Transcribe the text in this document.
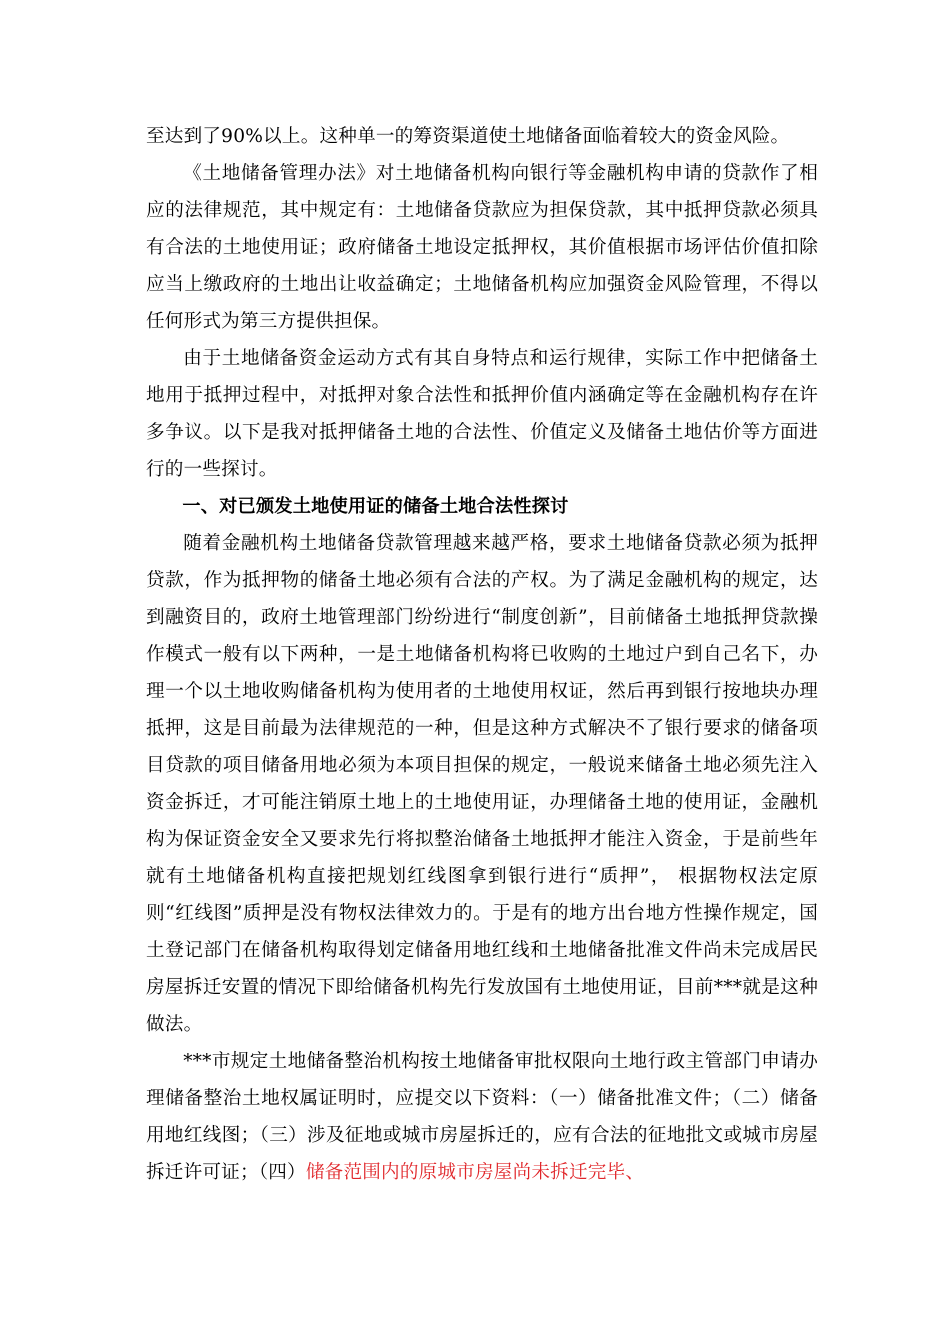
至达到了90%以上。这种单一的筹资渠道使土地储备面临着较大的资金风险。

《土地储备管理办法》对土地储备机构向银行等金融机构申请的贷款作了相应的法律规范，其中规定有：土地储备贷款应为担保贷款，其中抵押贷款必须具有合法的土地使用证；政府储备土地设定抵押权，其价值根据市场评估价值扣除应当上缴政府的土地出让收益确定；土地储备机构应加强资金风险管理，不得以任何形式为第三方提供担保。

由于土地储备资金运动方式有其自身特点和运行规律，实际工作中把储备土地用于抵押过程中，对抵押对象合法性和抵押价值内涵确定等在金融机构存在许多争议。以下是我对抵押储备土地的合法性、价值定义及储备土地估价等方面进行的一些探讨。

一、对已颁发土地使用证的储备土地合法性探讨

随着金融机构土地储备贷款管理越来越严格，要求土地储备贷款必须为抵押贷款，作为抵押物的储备土地必须有合法的产权。为了满足金融机构的规定，达到融资目的，政府土地管理部门纷纷进行“制度创新”，目前储备土地抵押贷款操作模式一般有以下两种，一是土地储备机构将已收购的土地过户到自己名下，办理一个以土地收购储备机构为使用者的土地使用权证，然后再到银行按地块办理抵押，这是目前最为法律规范的一种，但是这种方式解决不了银行要求的储备项目贷款的项目储备用地必须为本项目担保的规定，一般说来储备土地必须先注入资金拆迁，才可能注销原土地上的土地使用证，办理储备土地的使用证，金融机构为保证资金安全又要求先行将拟整治储备土地抵押才能注入资金，于是前些年就有土地储备机构直接把规划红线图拿到银行进行“质押”， 根据物权法定原则“红线图”质押是没有物权法律效力的。于是有的地方出台地方性操作规定，国土登记部门在储备机构取得划定储备用地红线和土地储备批准文件尚未完成居民房屋拆迁安置的情况下即给储备机构先行发放国有土地使用证，目前***就是这种做法。

***市规定土地储备整治机构按土地储备审批权限向土地行政主管部门申请办理储备整治土地权属证明时，应提交以下资料：（一）储备批准文件；（二）储备用地红线图；（三）涉及征地或城市房屋拆迁的，应有合法的征地批文或城市房屋拆迁许可证；（四）储备范围内的原城市房屋尚未拆迁完毕、
